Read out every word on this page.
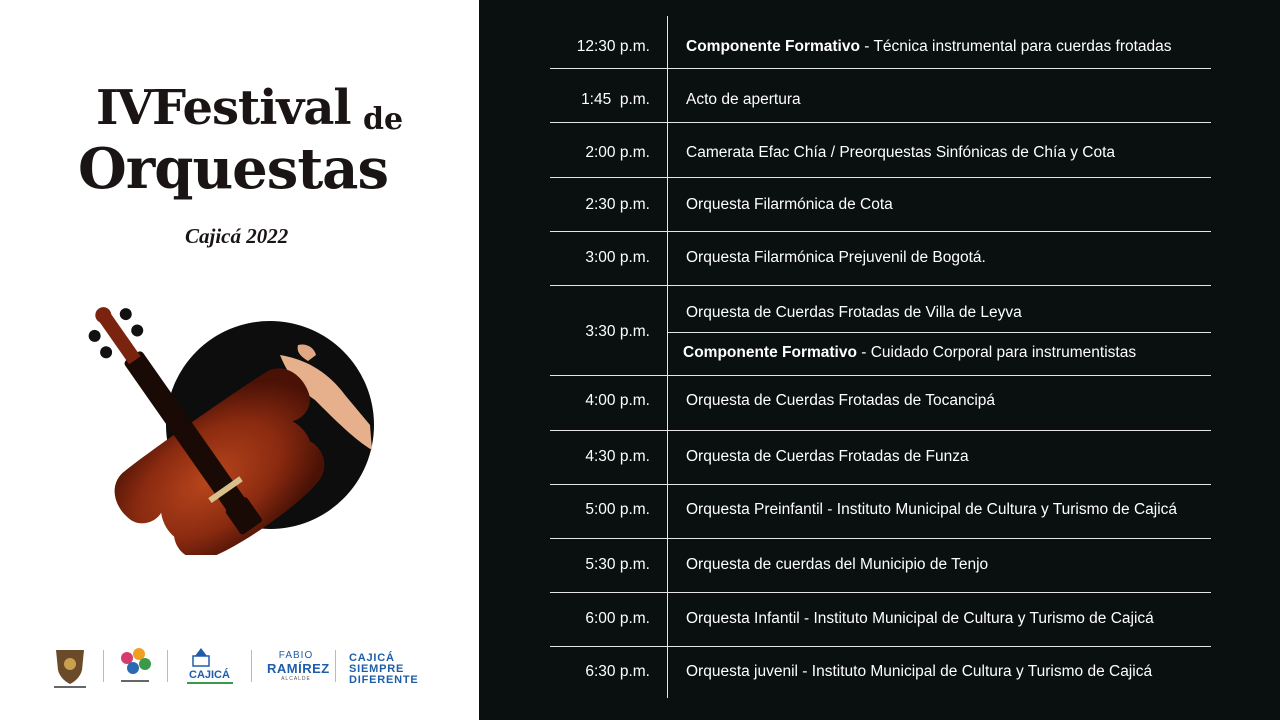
IV Festival de
Orquestas
Cajicá 2022
CAJICÁ
FABIO
RAMÍREZ
ALCALDE
CAJICÁ
SIEMPRE
DIFERENTE
12:30 p.m. Componente Formativo - Técnica instrumental para cuerdas frotadas
1:45  p.m. Acto de apertura
2:00 p.m. Camerata Efac Chía / Preorquestas Sinfónicas de Chía y Cota
2:30 p.m. Orquesta Filarmónica de Cota
3:00 p.m. Orquesta Filarmónica Prejuvenil de Bogotá.
3:30 p.m.
Orquesta de Cuerdas Frotadas de Villa de Leyva
Componente Formativo - Cuidado Corporal para instrumentistas
4:00 p.m. Orquesta de Cuerdas Frotadas de Tocancipá
4:30 p.m. Orquesta de Cuerdas Frotadas de Funza
5:00 p.m. Orquesta Preinfantil - Instituto Municipal de Cultura y Turismo de Cajicá
5:30 p.m. Orquesta de cuerdas del Municipio de Tenjo
6:00 p.m. Orquesta Infantil - Instituto Municipal de Cultura y Turismo de Cajicá
6:30 p.m. Orquesta juvenil - Instituto Municipal de Cultura y Turismo de Cajicá
